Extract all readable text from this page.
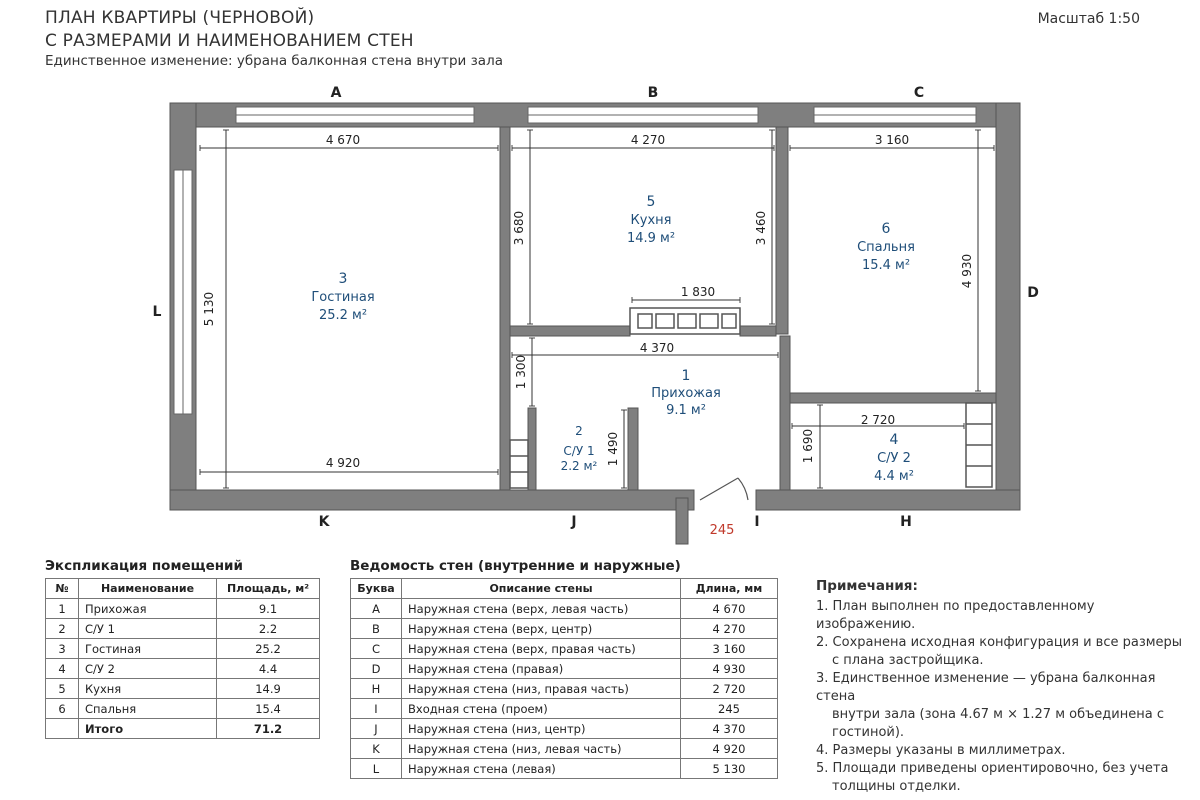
ПЛАН КВАРТИРЫ (ЧЕРНОВОЙ)
С РАЗМЕРАМИ И НАИМЕНОВАНИЕМ СТЕН
Единственное изменение: убрана балконная стена внутри зала
Масштаб 1:50
A	B	C
D
L
K	J	I	H
4 670
4 920
5 130
4 270
3 680	3 460
1 830
3 160
4 930
4 370
1 300
1 490
2 720
1 690
245
3
Гостиная
25.2 м²
5
Кухня
14.9 м²
6
Спальня
15.4 м²
1
Прихожая
9.1 м²
2
С/У 1
2.2 м²
4
С/У 2
4.4 м²
Экспликация помещений
№	Наименование	Площадь, м²
1	Прихожая	9.1
2	С/У 1	2.2
3	Гостиная	25.2
4	С/У 2	4.4
5	Кухня	14.9
6	Спальня	15.4
	Итого	71.2
Ведомость стен (внутренние и наружные)
Буква	Описание стены	Длина, мм
A	Наружная стена (верх, левая часть)	4 670
B	Наружная стена (верх, центр)	4 270
C	Наружная стена (верх, правая часть)	3 160
D	Наружная стена (правая)	4 930
H	Наружная стена (низ, правая часть)	2 720
I	Входная стена (проем)	245
J	Наружная стена (низ, центр)	4 370
K	Наружная стена (низ, левая часть)	4 920
L	Наружная стена (левая)	5 130
Примечания:
1. План выполнен по предоставленному изображению.
2. Сохранена исходная конфигурация и все размеры
с плана застройщика.
3. Единственное изменение — убрана балконная стена
внутри зала (зона 4.67 м × 1.27 м объединена с гостиной).
4. Размеры указаны в миллиметрах.
5. Площади приведены ориентировочно, без учета
толщины отделки.
